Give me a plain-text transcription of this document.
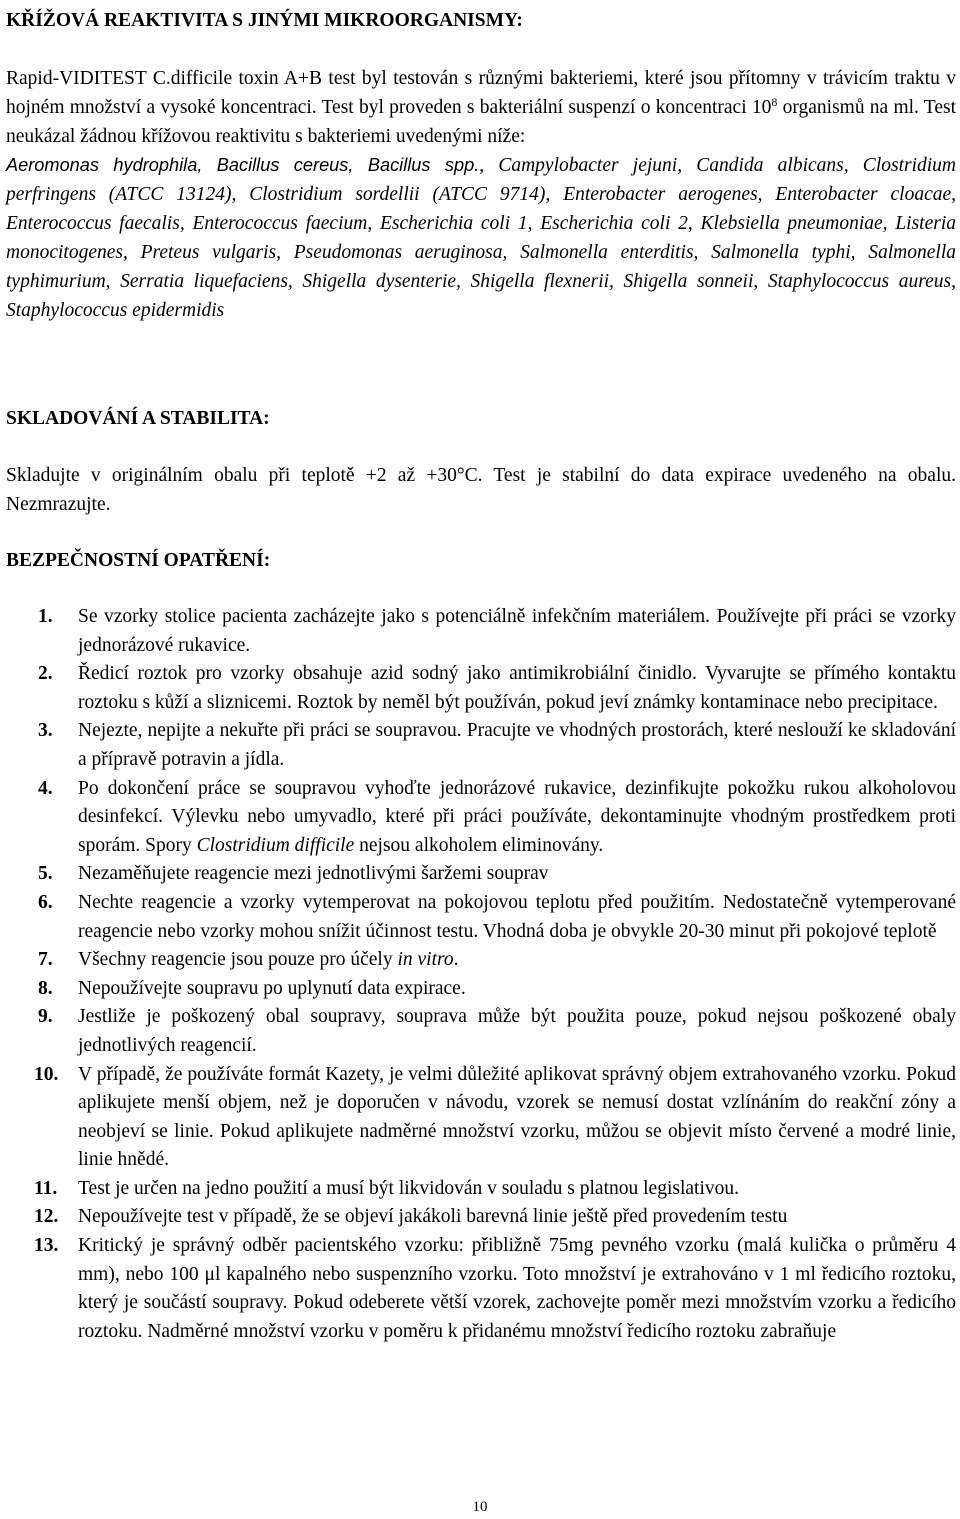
KŘÍŽOVÁ REAKTIVITA S JINÝMI MIKROORGANISMY:

Rapid-VIDITEST C.difficile toxin A+B test byl testován s různými bakteriemi, které jsou přítomny v trávicím traktu v hojném množství a vysoké koncentraci. Test byl proveden s bakteriální suspenzí o koncentraci $10^8$ organismů na ml. Test neukázal žádnou křížovou reaktivitu s bakteriemi uvedenými níže:

Aeromonas hydrophila, Bacillus cereus, Bacillus spp., Campylobacter jejuni, Candida albicans, Clostridium perfringens (ATCC 13124), Clostridium sordellii (ATCC 9714), Enterobacter aerogenes, Enterobacter cloacae, Enterococcus faecalis, Enterococcus faecium, Escherichia coli 1, Escherichia coli 2, Klebsiella pneumoniae, Listeria monocitogenes, Preteus vulgaris, Pseudomonas aeruginosa, Salmonella enterditis, Salmonella typhi, Salmonella typhimurium, Serratia liquefaciens, Shigella dysenterie, Shigella flexnerii, Shigella sonneii, Staphylococcus aureus, Staphylococcus epidermidis

SKLADOVÁNÍ A STABILITA:

Skladujte v originálním obalu při teplotě +2 až +30°C. Test je stabilní do data expirace uvedeného na obalu. Nezmrazujte.

BEZPEČNOSTNÍ OPATŘENÍ:
1. Se vzorky stolice pacienta zacházejte jako s potenciálně infekčním materiálem. Používejte při práci se vzorky jednorázové rukavice.
2. Ředicí roztok pro vzorky obsahuje azid sodný jako antimikrobiální činidlo. Vyvarujte se přímého kontaktu roztoku s kůží a sliznicemi. Roztok by neměl být používán, pokud jeví známky kontaminace nebo precipitace.
3. Nejezte, nepijte a nekuřte při práci se soupravou. Pracujte ve vhodných prostorách, které neslouží ke skladování a přípravě potravin a jídla.
4. Po dokončení práce se soupravou vyhoďte jednorázové rukavice, dezinfikujte pokožku rukou alkoholovou desinfekcí. Výlevku nebo umyvadlo, které při práci používáte, dekontaminujte vhodným prostředkem proti sporám. Spory Clostridium difficile nejsou alkoholem eliminovány.
5. Nezaměňujete reagencie mezi jednotlivými šaržemi souprav
6. Nechte reagencie a vzorky vytemperovat na pokojovou teplotu před použitím. Nedostatečně vytemperované reagencie nebo vzorky mohou snížit účinnost testu. Vhodná doba je obvykle 20-30 minut při pokojové teplotě
7. Všechny reagencie jsou pouze pro účely in vitro.
8. Nepoužívejte soupravu po uplynutí data expirace.
9. Jestliže je poškozený obal soupravy, souprava může být použita pouze, pokud nejsou poškozené obaly jednotlivých reagencií.
10. V případě, že používáte formát Kazety, je velmi důležité aplikovat správný objem extrahovaného vzorku. Pokud aplikujete menší objem, než je doporučen v návodu, vzorek se nemusí dostat vzlínáním do reakční zóny a neobjeví se linie. Pokud aplikujete nadměrné množství vzorku, můžou se objevit místo červené a modré linie, linie hnědé.
11. Test je určen na jedno použití a musí být likvidován v souladu s platnou legislativou.
12. Nepoužívejte test v případě, že se objeví jakákoli barevná linie ještě před provedením testu
13. Kritický je správný odběr pacientského vzorku: přibližně 75mg pevného vzorku (malá kulička o průměru 4 mm), nebo 100 μl kapalného nebo suspenzního vzorku. Toto množství je extrahováno v 1 ml ředicího roztoku, který je součástí soupravy. Pokud odeberete větší vzorek, zachovejte poměr mezi množstvím vzorku a ředicího roztoku. Nadměrné množství vzorku v poměru k přidanému množství ředicího roztoku zabraňuje
10
